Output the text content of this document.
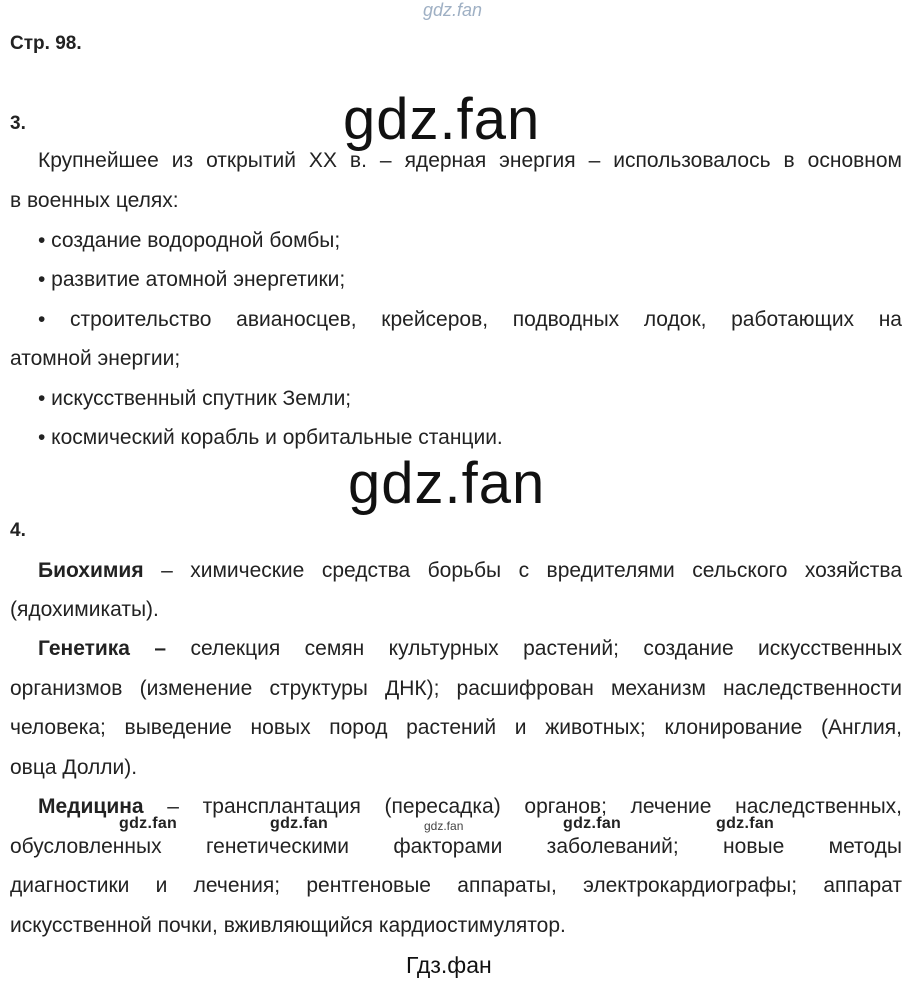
gdz.fan
Стр. 98.
gdz.fan
3.
Крупнейшее из открытий XX в. – ядерная энергия – использовалось в основном
в военных целях:
• создание водородной бомбы;
• развитие атомной энергетики;
• строительство авианосцев, крейсеров, подводных лодок, работающих на
атомной энергии;
• искусственный спутник Земли;
• космический корабль и орбитальные станции.
gdz.fan
4.
Биохимия – химические средства борьбы с вредителями сельского хозяйства
(ядохимикаты).
Генетика – селекция семян культурных растений; создание искусственных
организмов (изменение структуры ДНК); расшифрован механизм наследственности
человека; выведение новых пород растений и животных; клонирование (Англия,
овца Долли).
Медицина – трансплантация (пересадка) органов; лечение наследственных,
gdz.fan	gdz.fan	gdz.fan	gdz.fan	gdz.fan
обусловленных генетическими факторами заболеваний; новые методы
диагностики и лечения; рентгеновые аппараты, электрокардиографы; аппарат
искусственной почки, вживляющийся кардиостимулятор.
Гдз.фан
